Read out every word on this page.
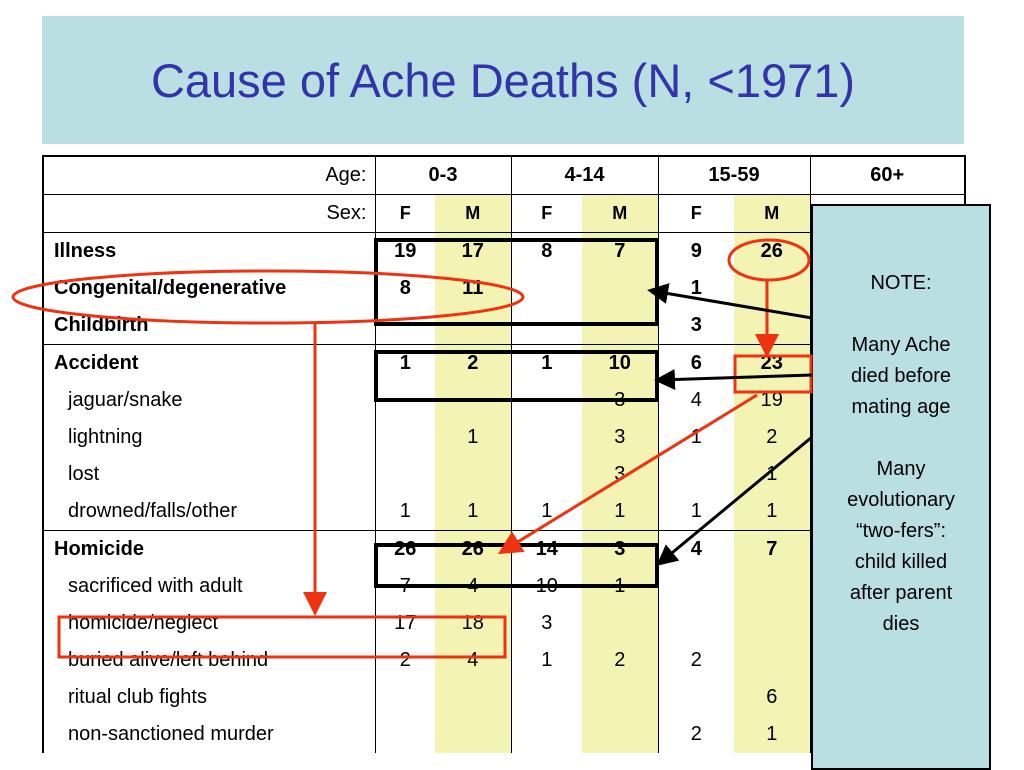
Cause of Ache Deaths (N, <1971)
Age:	0-3		4-14		15-59		60+
Sex:	F	M	F	M	F	M	
Illness	19	17	8	7	9	26	
Congenital/degenerative	8	11			1		
Childbirth					3		
Accident	1	2	1	10	6	23	
jaguar/snake				3	4	19	
lightning		1		3	1	2	
lost				3		1	
drowned/falls/other	1	1	1	1	1	1	
Homicide	26	26	14	3	4	7	
sacrificed with adult	7	4	10	1			
homicide/neglect	17	18	3				
buried alive/left behind	2	4	1	2	2		
ritual club fights						6	
non-sanctioned murder					2	1	
NOTE:
Many Ache
died before
mating age
Many
evolutionary
“two-fers”:
child killed
after parent
dies
